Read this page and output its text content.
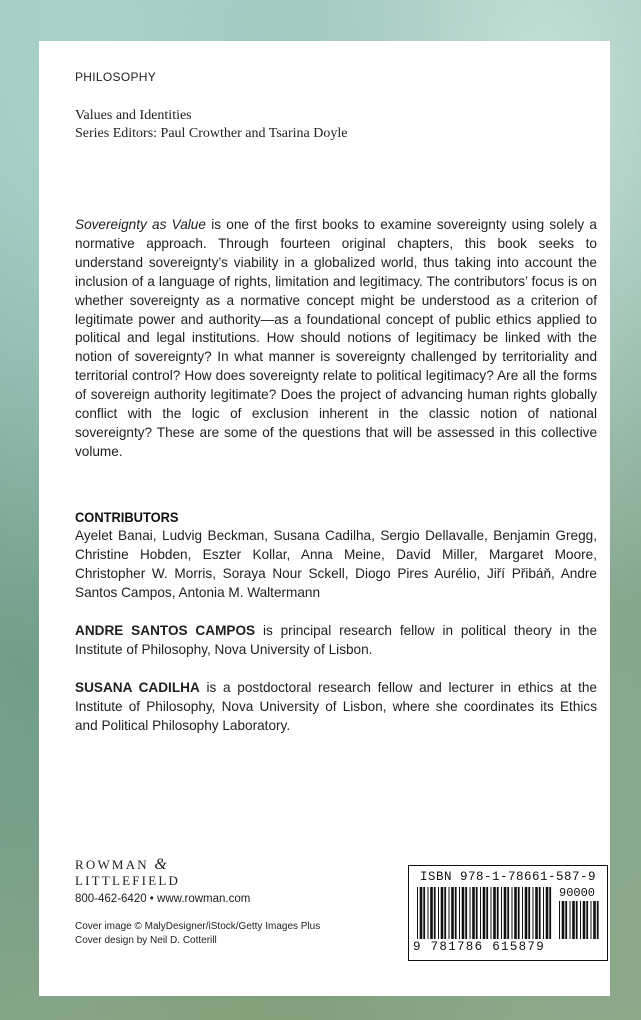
PHILOSOPHY
Values and Identities
Series Editors: Paul Crowther and Tsarina Doyle

Sovereignty as Value is one of the first books to examine sovereignty using solely a normative approach. Through fourteen original chapters, this book seeks to understand sovereignty’s viability in a globalized world, thus taking into account the inclusion of a language of rights, limitation and legitimacy. The contributors’ focus is on whether sovereignty as a normative concept might be understood as a criterion of legitimate power and authority—as a foundational concept of public ethics applied to political and legal institutions. How should notions of legitimacy be linked with the notion of sovereignty? In what manner is sovereignty challenged by territoriality and territorial control? How does sovereignty relate to political legitimacy? Are all the forms of sovereign authority legitimate? Does the project of advancing human rights globally conflict with the logic of exclusion inherent in the classic notion of national sovereignty? These are some of the questions that will be assessed in this collective volume.

CONTRIBUTORS

Ayelet Banai, Ludvig Beckman, Susana Cadilha, Sergio Dellavalle, Benjamin Gregg, Christine Hobden, Eszter Kollar, Anna Meine, David Miller, Margaret Moore, Christopher W. Morris, Soraya Nour Sckell, Diogo Pires Aurélio, Jiří Přibáň, Andre Santos Campos, Antonia M. Waltermann

ANDRE SANTOS CAMPOS is principal research fellow in political theory in the Institute of Philosophy, Nova University of Lisbon.

SUSANA CADILHA is a postdoctoral research fellow and lecturer in ethics at the Institute of Philosophy, Nova University of Lisbon, where she coordinates its Ethics and Political Philosophy Laboratory.

ROWMAN &
LITTLEFIELD
800-462-6420 • www.rowman.com
Cover image © MalyDesigner/iStock/Getty Images Plus
Cover design by Neil D. Cotterill
ISBN 978-1-78661-587-9
90000
9 781786 615879
